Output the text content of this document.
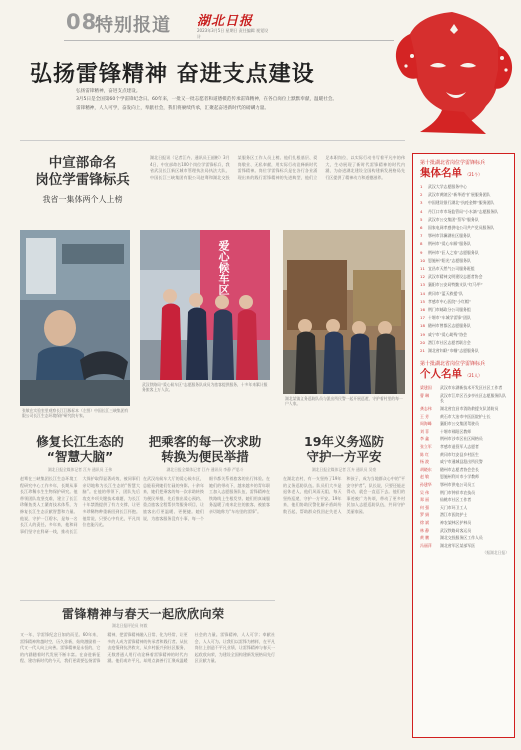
08
特别报道 湖北日报
2023年3月5日 星期日 责任编辑 视觉设计
弘扬雷锋精神 奋进支点建设

弘扬雷锋精神，奋进支点建设。

3月5日是全国第60个学雷锋纪念日。60年来，一批又一批志愿者和道德模范传承雷锋精神，在各自岗位上默默奉献，温暖社会。

雷锋精神，人人可学，奋发向上，奉献社会，我们将赓续传承，汇聚起奋进新时代的磅礴力量。

中宣部命名
岗位学雷锋标兵
我省一集体两个人上榜
湖北日报讯（记者江卉、通讯员王韶彬）3月4日，中宣部命名100个岗位学雷锋标兵，我省武汉长江新区城市管理执法局执法大队、中国长江三峡集团有限公司赵骞和湖北交投某服务区工作人员上榜。他们扎根基层、爱岗敬业、无私奉献，用实际行动诠释新时代雷锋精神。岗位学雷锋标兵是在各行各业涌现出来的践行雷锋精神的先进典型，他们立足本职岗位，以实际行动书写着平凡中的伟大，生动展现了新时代雷锋精神的时代内涵，为奋进湖北建设全国构建新发展格局先行区提供了精神动力和道德滋养。
张敏在实验室里观察长江江豚标本（左图）中国长江三峡集团有限公司长江生态环境保护研究院专家。
爱心候车区
武汉铁路局“爱心候车区”志愿服务队成员为旅客提供服务，十多年来累计服务旅客上万人次。
湖北某镇义务巡防队员与派出所民警一起开展巡逻，守护着村里的每一户人家。
修复长江生态的
“智慧大脑”
湖北日报全媒体记者 江卉 通讯员 王伟
把乘客的每一次求助
转换为便民举措
湖北日报全媒体记者 江卉 通讯员 李静 严思斗
19年义务巡防
守护一方平安
湖北日报全媒体记者 江卉 通讯员 吴豪
赵骞在三峡集团长江生态环境工程研究中心工作多年，长期从事长江珍稀水生生物保护研究。他带领团队攻坚克难，建立了长江珍稀鱼类人工繁育技术体系，为修复长江生态贡献智慧和力量。他说，守护一江碧水，是每一名长江人的责任。多年来，他和同事们坚守在科研一线，推动长江大保护取得显著成效，被同事们亲切地称为长江生态的“智慧大脑”。在他的带领下，团队先后攻克多项关键技术难题，为长江十年禁渔提供了有力支撑，让更多珍稀物种重新回到长江怀抱。他常说，只要心中有光，平凡岗位也能闪光。
在武汉站候车大厅的爱心候车区，总能看到她们忙碌的身影。十余年来，她们把乘客的每一次求助转换为便民举措，先后推出爱心预约、重点旅客全程帮扶等服务项目，让旅客出行更温暖、更便捷。她们说，为旅客服务没有小事，每一个细节都关系着旅客的出行体验。在她们的带动下，越来越多的青年职工加入志愿服务队伍，雷锋精神在铁路线上生根发芽。她们用真诚服务温暖了南来北往的旅客，被旅客亲切地称为“车站里的雷锋”。
在湖北农村，有一支坚持了19年的义务巡防队伍。队员们大多是退休老人，他们风雨无阻，每天坚持巡逻，守护一方平安。19年来，他们协助民警化解矛盾纠纷数百起，帮助群众找回走失老人和孩子，成为当地群众心中的“平安守护者”。队长说，只要还能走得动，就会一直巡下去。他们的事迹被广为传颂，带动了更多村民加入志愿巡防队伍，共同守护美丽家园。
雷锋精神与春天一起欣欣向荣
湖北日报评论员 何毅
又一年，学雷锋纪念日如约而至。60年来，雷锋精神跨越时空，历久弥新，始终激励着一代又一代人向上向善。雷锋精神是永恒的，它的内涵随着时代发展不断丰富。在奋进新征程、建功新时代的今天，我们更需要弘扬雷锋精神，把雷锋精神融入日常、化为经常，让更多的人成为雷锋精神的传承者和践行者。从抗击疫情到抗洪救灾，从乡村振兴到社区服务，无数普通人用行动诠释着雷锋精神的时代内涵。他们或许平凡，却用点滴善行汇聚成温暖社会的力量。雷锋精神，人人可学；奉献社会，人人可为。让我们以雷锋为榜样，在平凡岗位上创造不平凡业绩，让雷锋精神与春天一起欣欣向荣，为建设全国构建新发展格局先行区贡献力量。
第十批湖北省岗位学雷锋标兵
集体名单 （21个）
1 武汉大学志愿服务中心
2 武汉市黄陂区“新华道”扩展服务团队
3 中国建设银行湖北“抗疫金牌”服务团队
4 丹江口市市场监管局“小水滴”志愿服务队
5 武汉市公交集团“蔡军”服务队
6 国家电网孝感供电公司共产党员服务队
7 鄂州市洋澜湖社区服务队
8 荆州市“爱心车厢”服务队
9 荆州市“匠人之家”志愿服务队
10 恩施州“阳光”志愿服务队
11 宜昌市天然气公司服务班组
12 武汉市精神文明建设志愿者协会
13 襄阳市公安局特勤支队“红马甲”
14 黄冈市“蓝天救援”队
15 孝感市中心医院“小红帽”
16 荆门市邮政分公司服务组
17 十堰市“车城学雷锋”团队
18 随州市曾都区志愿服务队
19 咸宁市“爱心助残”协会
20 潜江市社区志愿者联合会
21 湖北省妇联“巾帼”志愿服务队
第十批湖北省岗位学雷锋标兵
个人名单 （21人）
梁建国	武汉市东湖新技术开发区社区工作者
曹 琳	武汉市江岸区百步亭社区志愿服务队队长
龚志伟	湖北省宜昌市消防救援支队消防员
王 芳	黄石市大冶市中医医院护士长
周海峰	襄阳市公交集团驾驶员
刘 菲	十堰市郧阳区教师
李 鑫	荆州市沙市区社区网格员
张立军	孝感市退役军人志愿者
陈 红	黄冈市红安县乡村医生
杨 波	咸宁市通城县派出所民警
胡晓东	随州市志愿者协会会长
赵 敏	恩施州利川市小学教师
孙建华	鄂州市供电公司员工
吴 伟	荆门市钟祥市农技员
郑 丽	仙桃市社区工作者
何 强	天门市环卫工人
罗 娟	潜江市医院护士
徐 斌	神农架林区护林员
林 静	武汉铁路局客运员
黄 鹏	湖北交投服务区工作人员
冯丽萍	湖北省军区某部军医
（据湖北日报）
